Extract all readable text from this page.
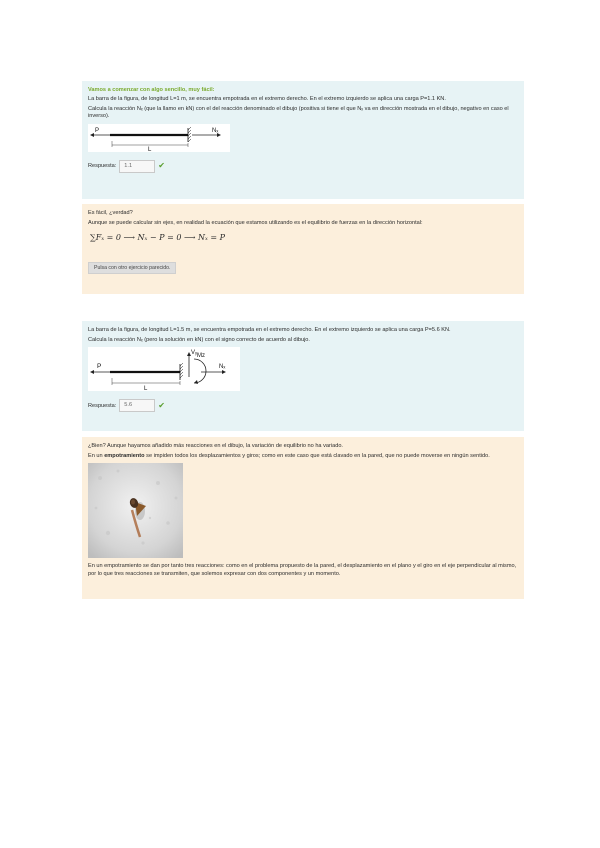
Vamos a comenzar con algo sencillo, muy fácil:

La barra de la figura, de longitud L=1 m, se encuentra empotrada en el extremo derecho. En el extremo izquierdo se aplica una carga P=1.1 KN.

Calcula la reacción Nₓ (que la llamo en kN) con el del reacción denominado el dibujo (positiva si tiene el que Nₓ va en dirección mostrada en el dibujo, negativo en caso el inverso).

P	Nₓ
L
Respuesta:	1.1	✔

Es fácil, ¿verdad?

Aunque se puede calcular sin ejes, en realidad la ecuación que estamos utilizando es el equilibrio de fuerzas en la dirección horizontal:

∑Fₓ = 0 ⟶ Nₓ − P = 0 ⟶ Nₓ = P
Pulsa con otro ejercicio parecido.

La barra de la figura, de longitud L=1.5 m, se encuentra empotrada en el extremo derecho. En el extremo izquierdo se aplica una carga P=5.6 KN.

Calcula la reacción Nₓ (pero la solución en kN) con el signo correcto de acuerdo al dibujo.

P
Vᵧ Mᴢ
Nₓ
L
Respuesta:	5.6	✔

¿Bien? Aunque hayamos añadido más reacciones en el dibujo, la variación de equilibrio no ha variado.

En un empotramiento se impiden todos los desplazamientos y giros; como en este caso que está clavado en la pared, que no puede moverse en ningún sentido.

En un empotramiento se dan por tanto tres reacciones: como en el problema propuesto de la pared, el desplazamiento en el plano y el giro en el eje perpendicular al mismo, por lo que tres reacciones se transmiten, que solemos expresar con dos componentes y un momento.
